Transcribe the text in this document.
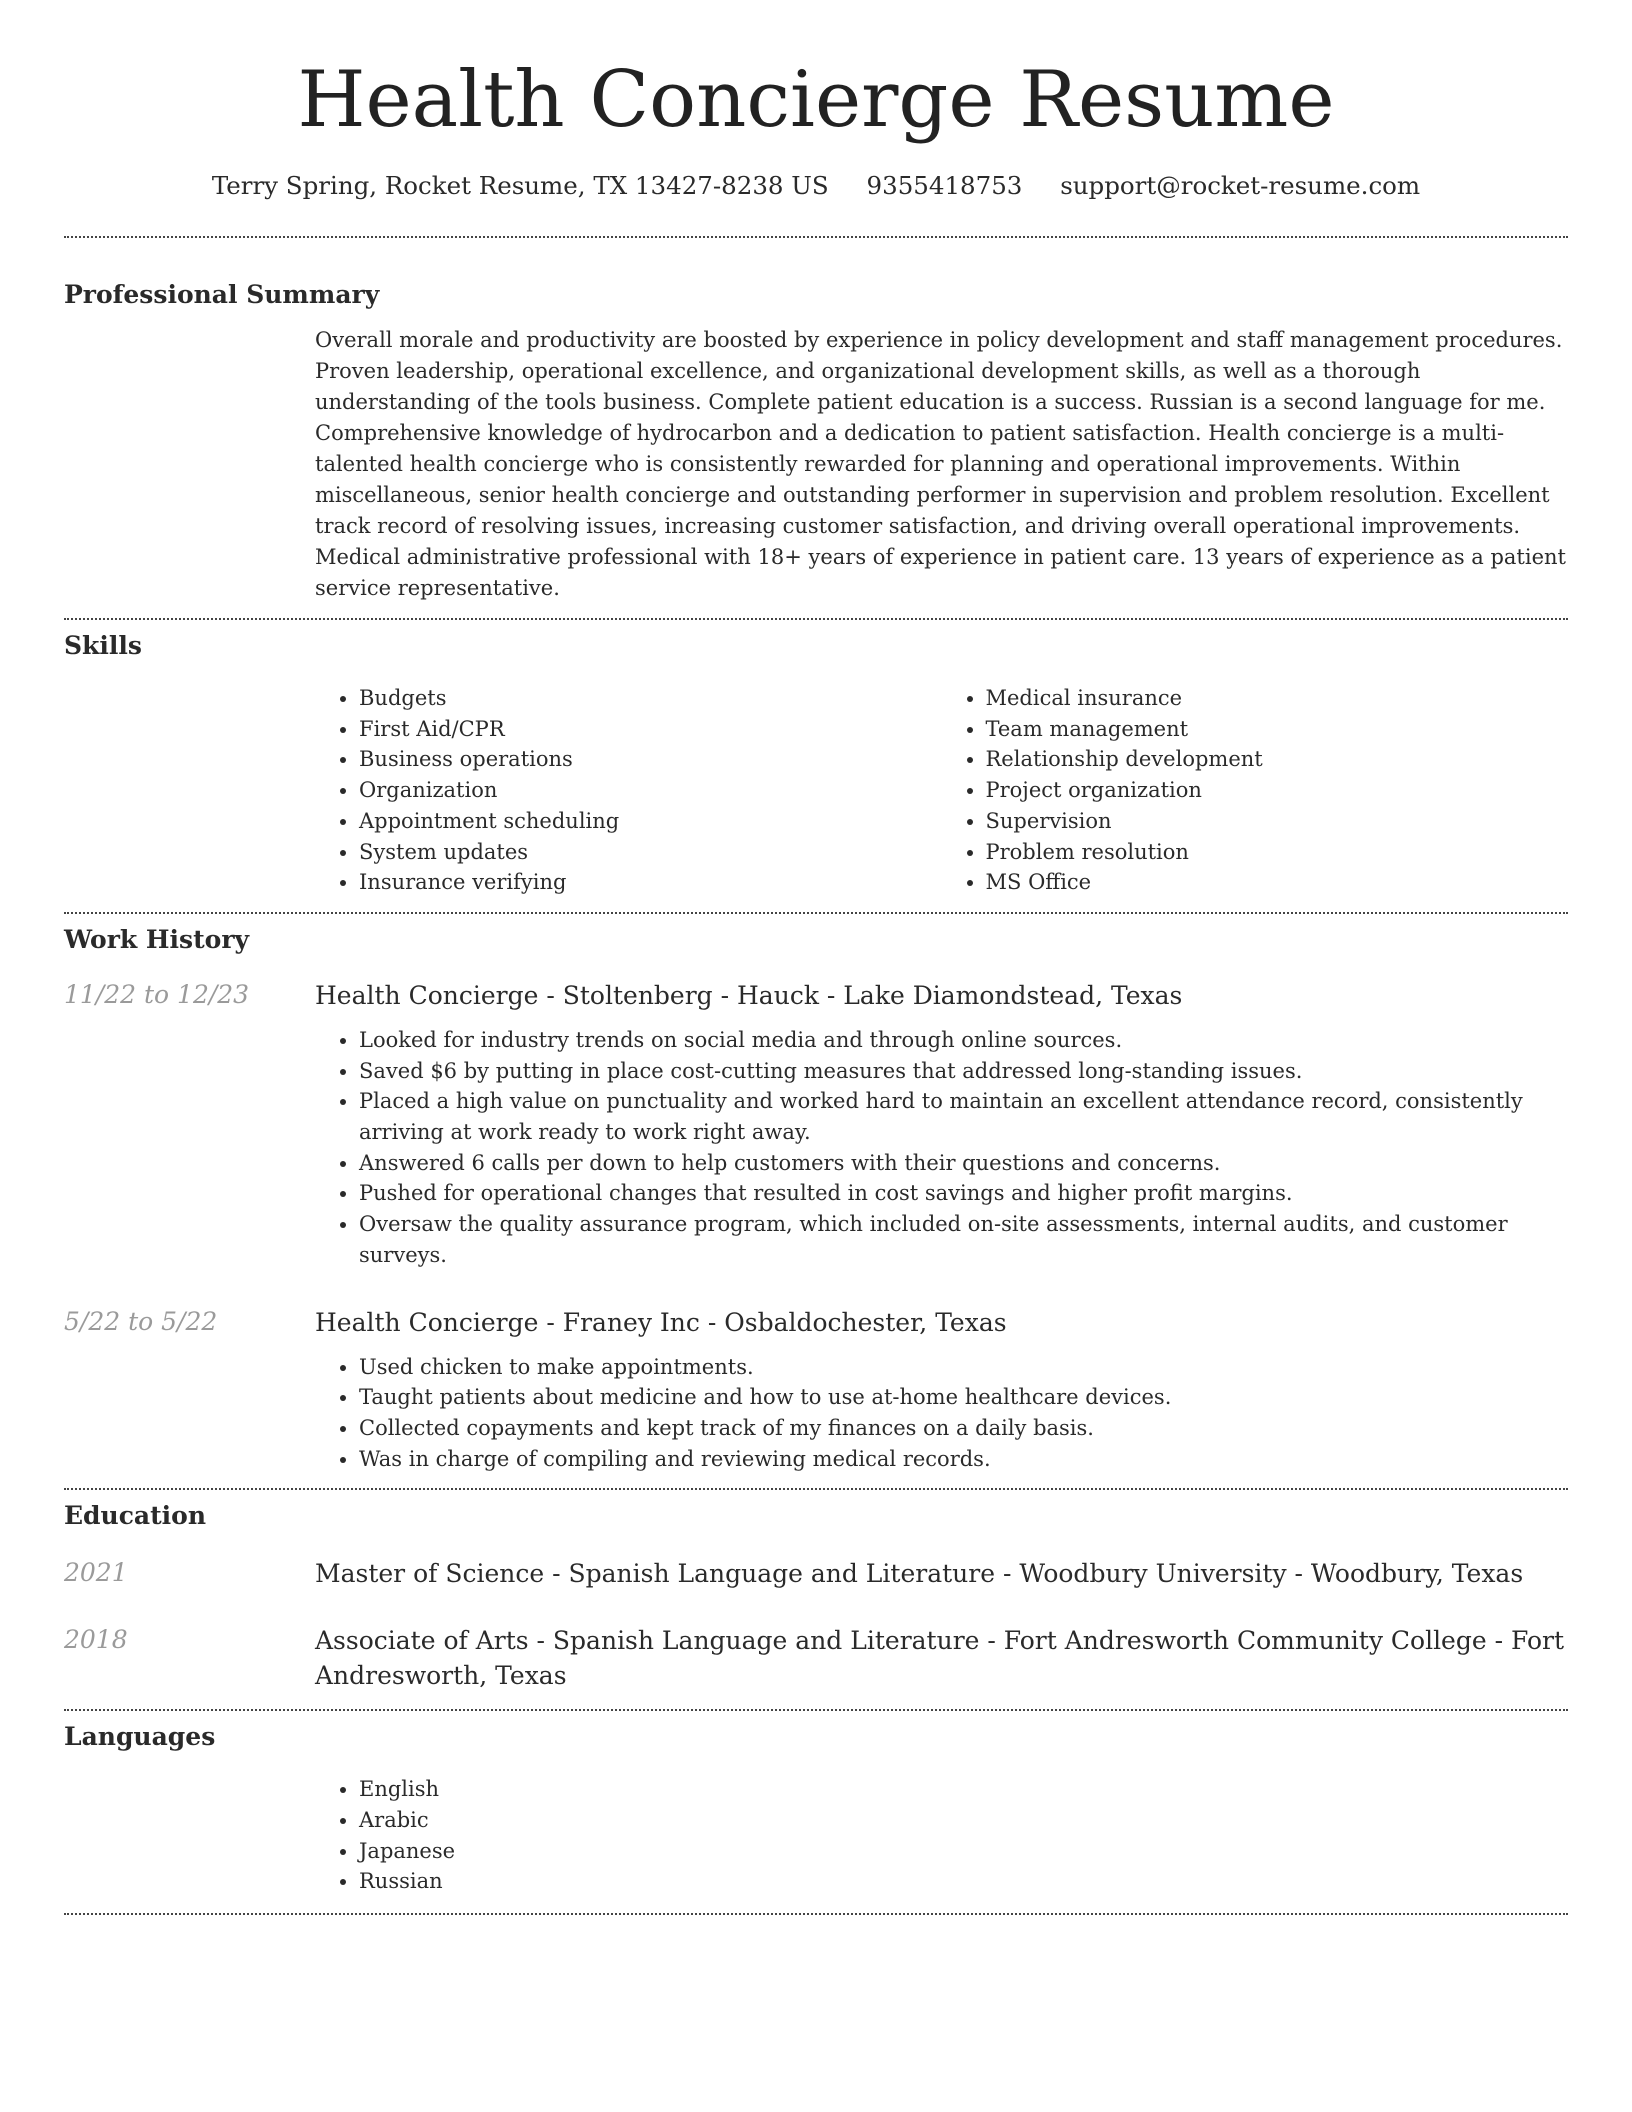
Health Concierge Resume
Terry Spring, Rocket Resume, TX 13427-8238 US 9355418753 support@rocket-resume.com
Professional Summary

Overall morale and productivity are boosted by experience in policy development and staff management procedures. Proven leadership, operational excellence, and organizational development skills, as well as a thorough understanding of the tools business. Complete patient education is a success. Russian is a second language for me. Comprehensive knowledge of hydrocarbon and a dedication to patient satisfaction. Health concierge is a multi-talented health concierge who is consistently rewarded for planning and operational improvements. Within miscellaneous, senior health concierge and outstanding performer in supervision and problem resolution. Excellent track record of resolving issues, increasing customer satisfaction, and driving overall operational improvements. Medical administrative professional with 18+ years of experience in patient care. 13 years of experience as a patient service representative.

Skills
• Budgets
• First Aid/CPR
• Business operations
• Organization
• Appointment scheduling
• System updates
• Insurance verifying
• Medical insurance
• Team management
• Relationship development
• Project organization
• Supervision
• Problem resolution
• MS Office
Work History
11/22 to 12/23	Health Concierge - Stoltenberg - Hauck - Lake Diamondstead, Texas
• Looked for industry trends on social media and through online sources.
• Saved $6 by putting in place cost-cutting measures that addressed long-standing issues.
• Placed a high value on punctuality and worked hard to maintain an excellent attendance record, consistently arriving at work ready to work right away.
• Answered 6 calls per down to help customers with their questions and concerns.
• Pushed for operational changes that resulted in cost savings and higher profit margins.
• Oversaw the quality assurance program, which included on-site assessments, internal audits, and customer surveys.
5/22 to 5/22	Health Concierge - Franey Inc - Osbaldochester, Texas
• Used chicken to make appointments.
• Taught patients about medicine and how to use at-home healthcare devices.
• Collected copayments and kept track of my finances on a daily basis.
• Was in charge of compiling and reviewing medical records.
Education
2021	Master of Science - Spanish Language and Literature - Woodbury University - Woodbury, Texas
2018	Associate of Arts - Spanish Language and Literature - Fort Andresworth Community College - Fort Andresworth, Texas
Languages
• English
• Arabic
• Japanese
• Russian
